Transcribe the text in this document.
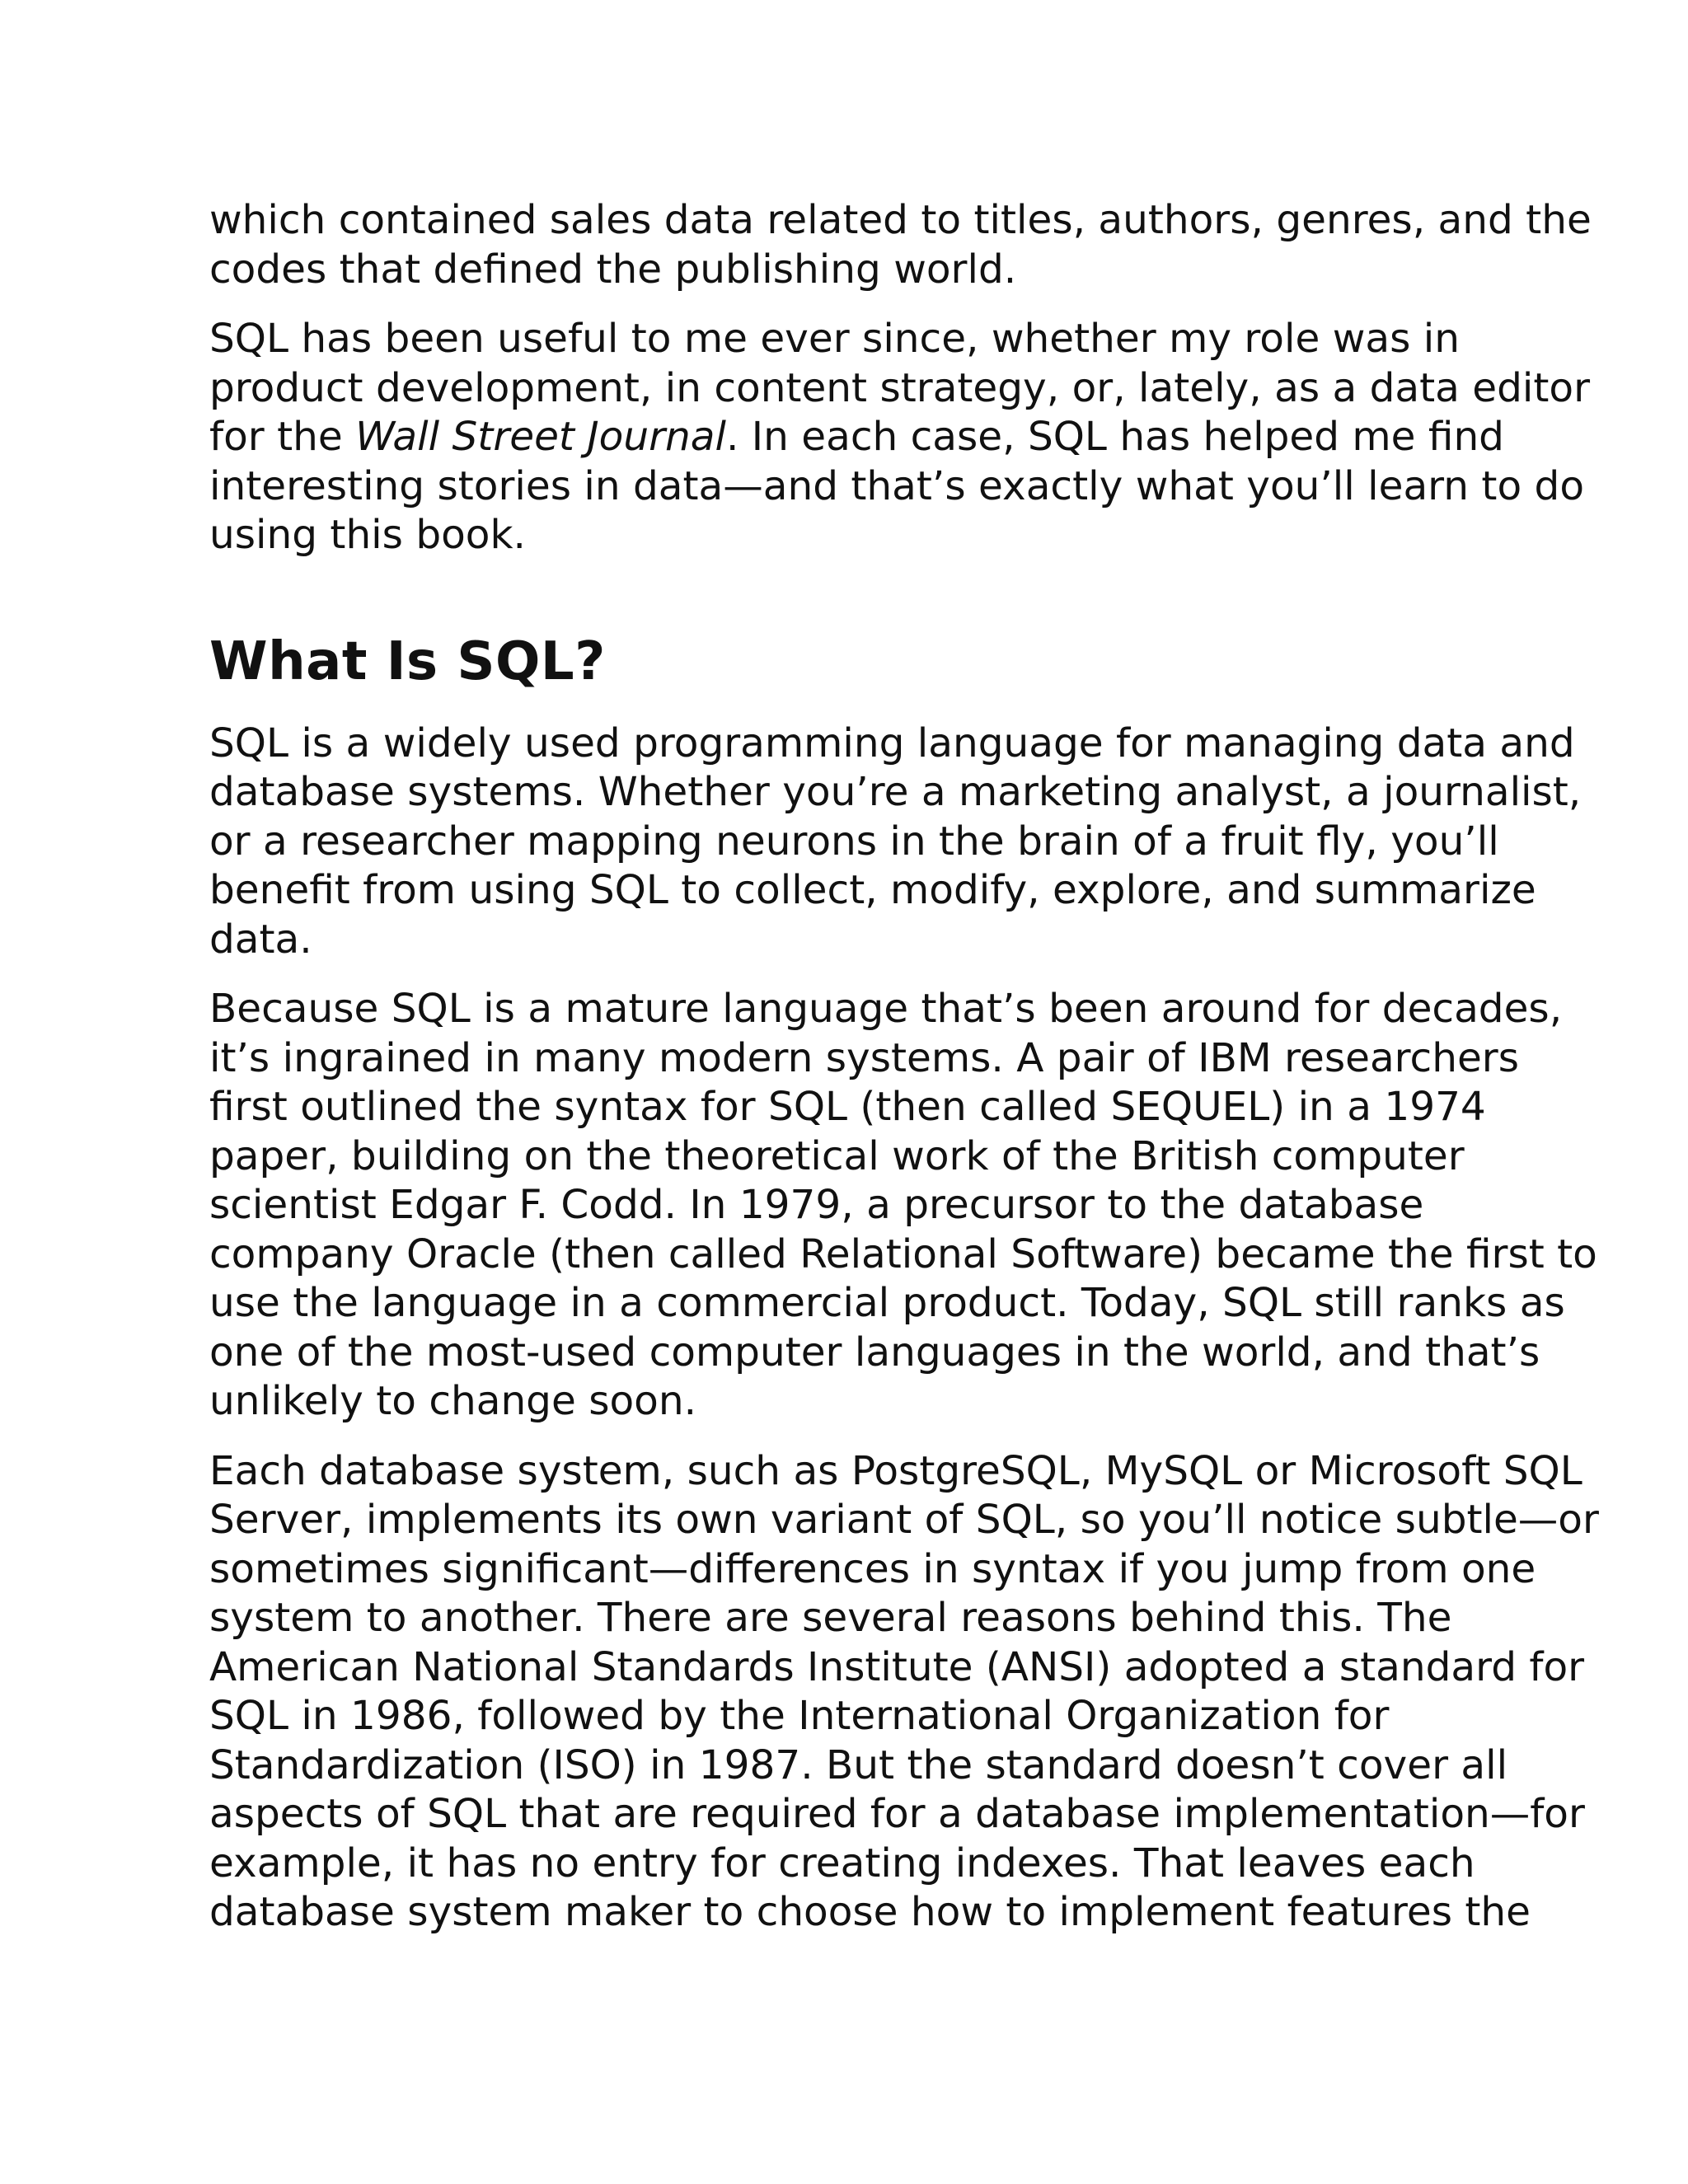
which contained sales data related to titles, authors, genres, and the
codes that defined the publishing world.

SQL has been useful to me ever since, whether my role was in
product development, in content strategy, or, lately, as a data editor
for the Wall Street Journal. In each case, SQL has helped me find
interesting stories in data—and that’s exactly what you’ll learn to do
using this book.

What Is SQL?

SQL is a widely used programming language for managing data and
database systems. Whether you’re a marketing analyst, a journalist,
or a researcher mapping neurons in the brain of a fruit fly, you’ll
benefit from using SQL to collect, modify, explore, and summarize
data.

Because SQL is a mature language that’s been around for decades,
it’s ingrained in many modern systems. A pair of IBM researchers
first outlined the syntax for SQL (then called SEQUEL) in a 1974
paper, building on the theoretical work of the British computer
scientist Edgar F. Codd. In 1979, a precursor to the database
company Oracle (then called Relational Software) became the first to
use the language in a commercial product. Today, SQL still ranks as
one of the most-used computer languages in the world, and that’s
unlikely to change soon.

Each database system, such as PostgreSQL, MySQL or Microsoft SQL
Server, implements its own variant of SQL, so you’ll notice subtle—or
sometimes significant—differences in syntax if you jump from one
system to another. There are several reasons behind this. The
American National Standards Institute (ANSI) adopted a standard for
SQL in 1986, followed by the International Organization for
Standardization (ISO) in 1987. But the standard doesn’t cover all
aspects of SQL that are required for a database implementation—for
example, it has no entry for creating indexes. That leaves each
database system maker to choose how to implement features the
